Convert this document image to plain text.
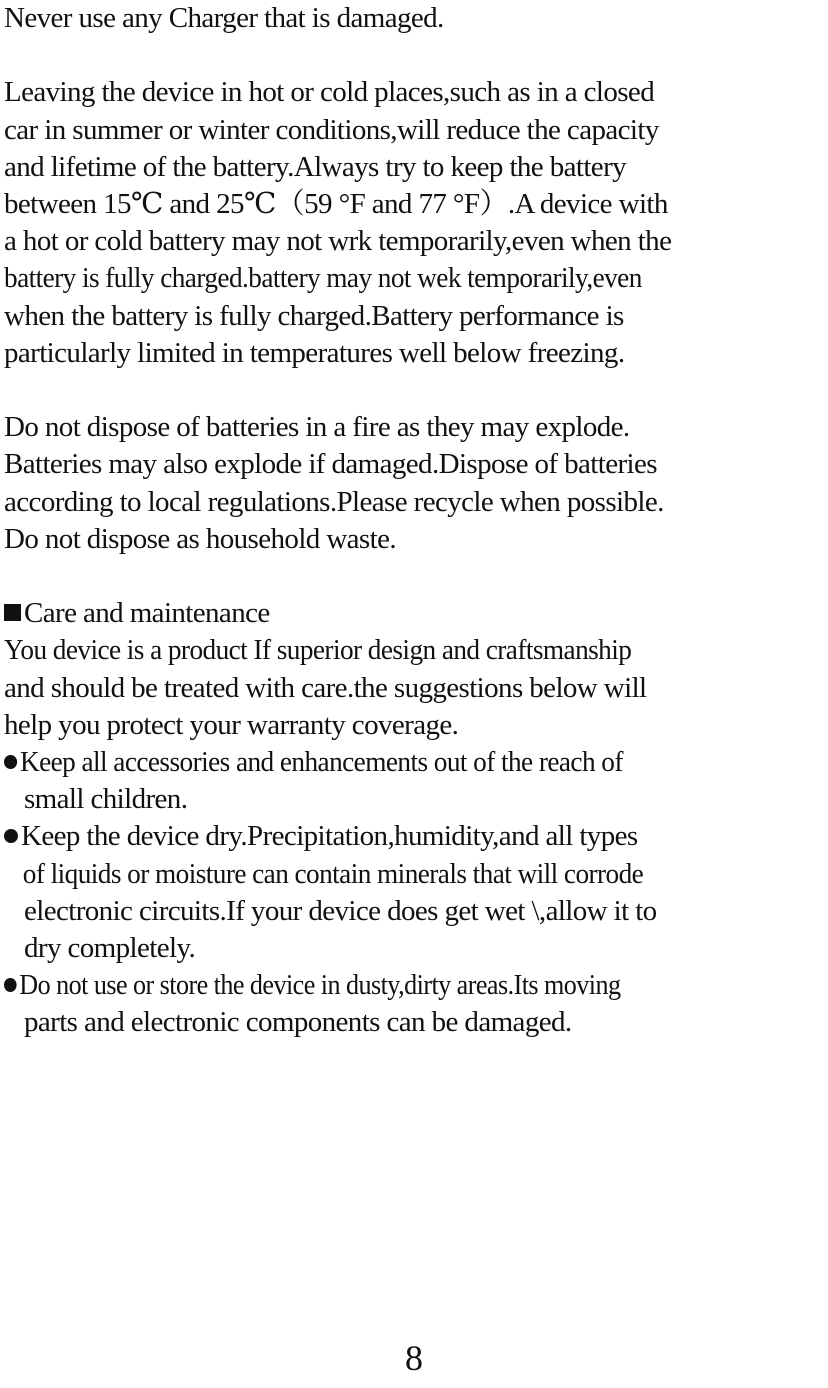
Never use any Charger that is damaged.
Leaving the device in hot or cold places,such as in a closed
car in summer or winter conditions,will reduce the capacity
and lifetime of the battery.Always try to keep the battery
between 15℃ and 25℃（59 °F and 77 °F）.A device with
a hot or cold battery may not wrk temporarily,even when the
battery is fully charged.battery may not wek temporarily,even
when the battery is fully charged.Battery performance is
particularly limited in temperatures well below freezing.
Do not dispose of batteries in a fire as they may explode.
Batteries may also explode if damaged.Dispose of batteries
according to local regulations.Please recycle when possible.
Do not dispose as household waste.
Care and maintenance
You device is a product If superior design and craftsmanship
and should be treated with care.the suggestions below will
help you protect your warranty coverage.
Keep all accessories and enhancements out of the reach of
small children.
Keep the device dry.Precipitation,humidity,and all types
of liquids or moisture can contain minerals that will corrode
electronic circuits.If your device does get wet \,allow it to
dry completely.
Do not use or store the device in dusty,dirty areas.Its moving
parts and electronic components can be damaged.
8
